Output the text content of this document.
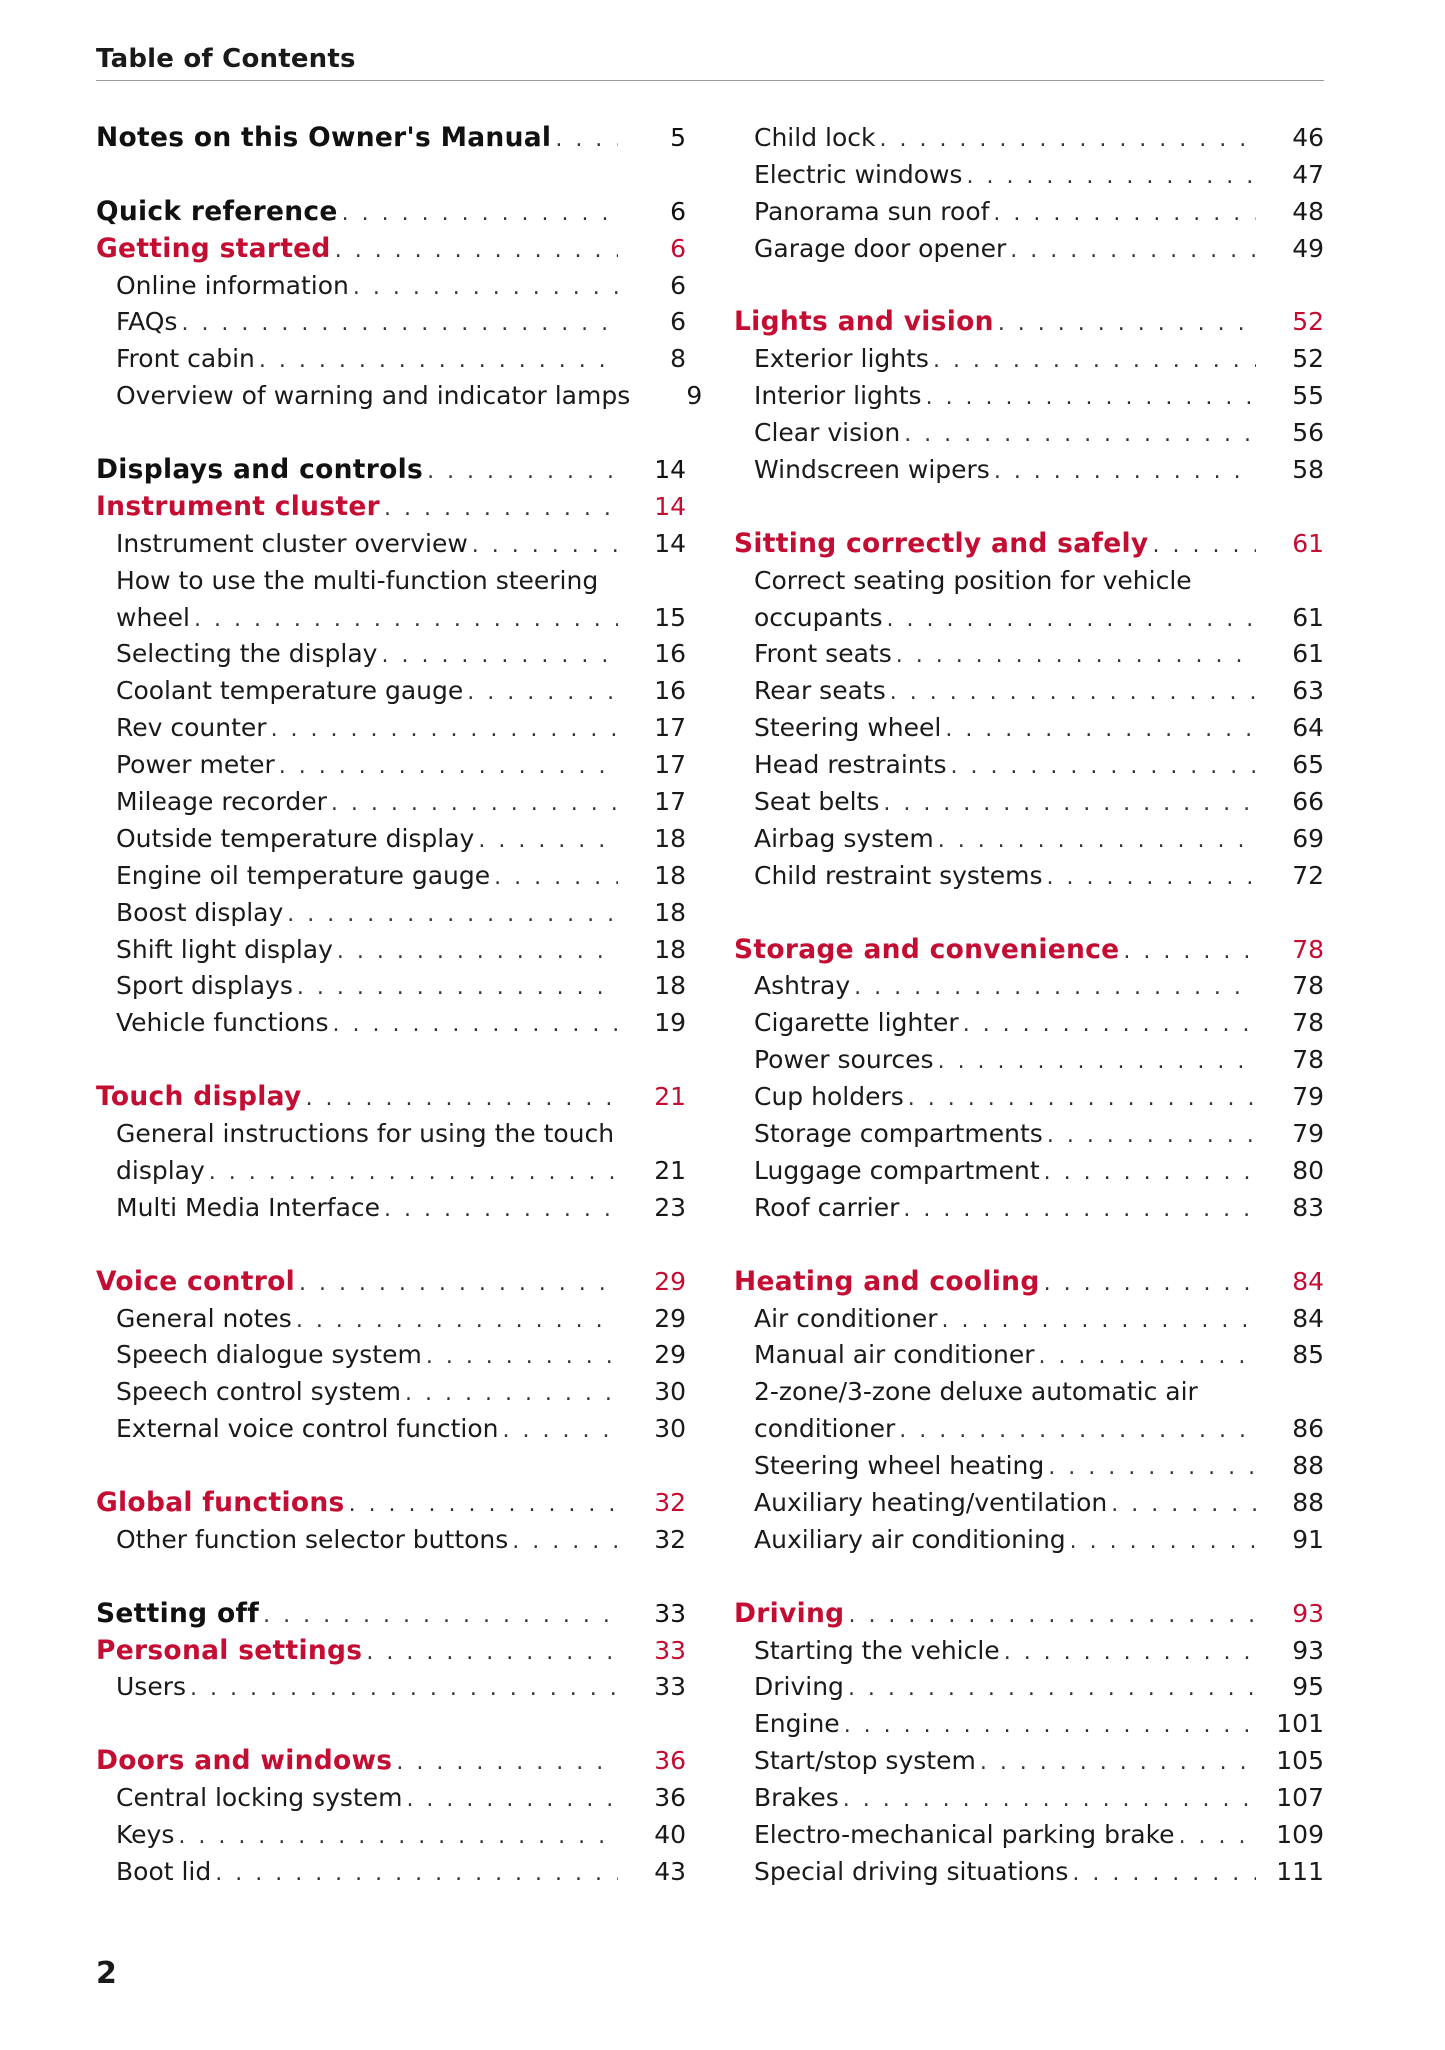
Table of Contents
Notes on this Owner's Manual . . .	5
Quick reference . . .	6
Getting started . . .	6
Online information . . .	6
FAQs . . .	6
Front cabin . . .	8
Overview of warning and indicator lamps	9
Displays and controls . . .	14
Instrument cluster . . .	14
Instrument cluster overview . . .	14
How to use the multi-function steering
wheel . . .	15
Selecting the display . . .	16
Coolant temperature gauge . . .	16
Rev counter . . .	17
Power meter . . .	17
Mileage recorder . . .	17
Outside temperature display . . .	18
Engine oil temperature gauge . . .	18
Boost display . . .	18
Shift light display . . .	18
Sport displays . . .	18
Vehicle functions . . .	19
Touch display . . .	21
General instructions for using the touch
display . . .	21
Multi Media Interface . . .	23
Voice control . . .	29
General notes . . .	29
Speech dialogue system . . .	29
Speech control system . . .	30
External voice control function . . .	30
Global functions . . .	32
Other function selector buttons . . .	32
Setting off . . .	33
Personal settings . . .	33
Users . . .	33
Doors and windows . . .	36
Central locking system . . .	36
Keys . . .	40
Boot lid . . .	43
Child lock . . .	46
Electric windows . . .	47
Panorama sun roof . . .	48
Garage door opener . . .	49
Lights and vision . . .	52
Exterior lights . . .	52
Interior lights . . .	55
Clear vision . . .	56
Windscreen wipers . . .	58
Sitting correctly and safely . . .	61
Correct seating position for vehicle
occupants . . .	61
Front seats . . .	61
Rear seats . . .	63
Steering wheel . . .	64
Head restraints . . .	65
Seat belts . . .	66
Airbag system . . .	69
Child restraint systems . . .	72
Storage and convenience . . .	78
Ashtray . . .	78
Cigarette lighter . . .	78
Power sources . . .	78
Cup holders . . .	79
Storage compartments . . .	79
Luggage compartment . . .	80
Roof carrier . . .	83
Heating and cooling . . .	84
Air conditioner . . .	84
Manual air conditioner . . .	85
2-zone/3-zone deluxe automatic air
conditioner . . .	86
Steering wheel heating . . .	88
Auxiliary heating/ventilation . . .	88
Auxiliary air conditioning . . .	91
Driving . . .	93
Starting the vehicle . . .	93
Driving . . .	95
Engine . . .	101
Start/stop system . . .	105
Brakes . . .	107
Electro-mechanical parking brake . . .	109
Special driving situations . . .	111
2
